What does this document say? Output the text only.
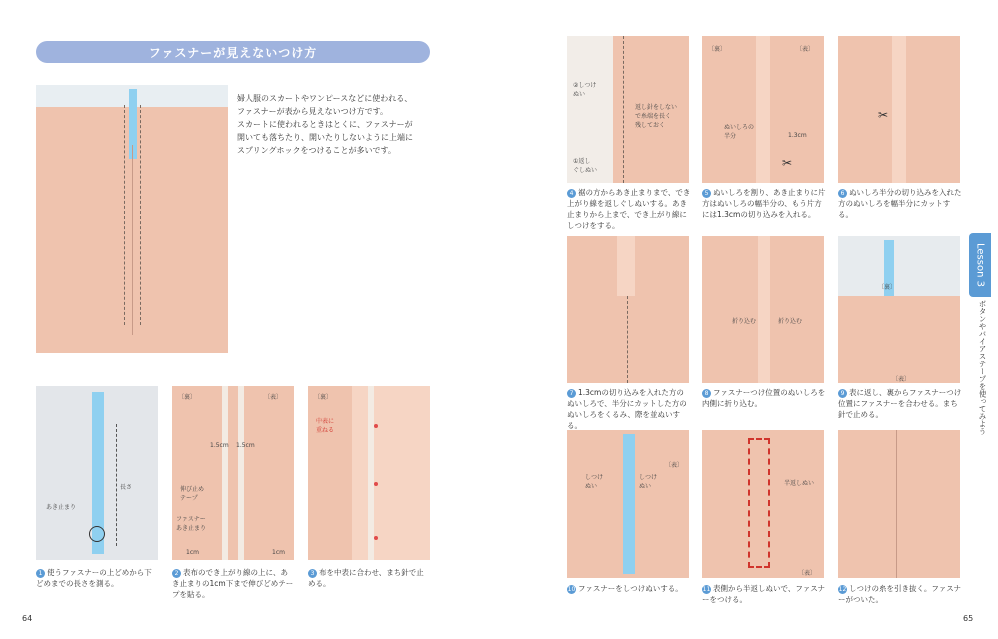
ファスナーが見えないつけ方
婦人服のスカートやワンピースなどに使われる、
ファスナーが表から見えないつけ方です。
スカートに使われるときはとくに、ファスナーが
開いても落ちたり、開いたりしないように上端に
スプリングホックをつけることが多いです。
長さ
あき止まり
〔裏〕	〔表〕
1.5cm 1.5cm
伸び止め
テープ
ファスナー
あき止まり
1cm	1cm
〔裏〕
中表に
重ねる
1 使うファスナーの上どめから下どめまでの長さを測る。
2 表布のでき上がり線の上に、あき止まりの1cm下まで伸びどめテープを貼る。
3 布を中表に合わせ、まち針で止める。
②しつけ
ぬい
①返し
ぐしぬい
返し針をしない
で糸端を長く
残しておく
〔裏〕	〔表〕
ぬいしろの
半分	1.3cm
✂
✂
折り込む	折り込む
〔裏〕
〔表〕
〔表〕
しつけ
ぬい
しつけ
ぬい	半返しぬい
〔表〕
4 裾の方からあき止まりまで、でき上がり線を返しぐしぬいする。あき止まりから上まで、でき上がり線にしつけをする。
5 ぬいしろを割り、あき止まりに片方はぬいしろの幅半分の、もう片方には1.3cmの切り込みを入れる。
6 ぬいしろ半分の切り込みを入れた方のぬいしろを幅半分にカットする。
7 1.3cmの切り込みを入れた方のぬいしろで、半分にカットした方のぬいしろをくるみ、際を並ぬいする。
8 ファスナーつけ位置のぬいしろを内側に折り込む。
9 表に返し、裏からファスナーつけ位置にファスナーを合わせる。まち針で止める。
10 ファスナーをしつけぬいする。	11 表側から半返しぬいで、ファスナーをつける。
12 しつけの糸を引き抜く。ファスナーがついた。
Lesson 3
ボタンやバイアステープを使ってみよう
64	65
